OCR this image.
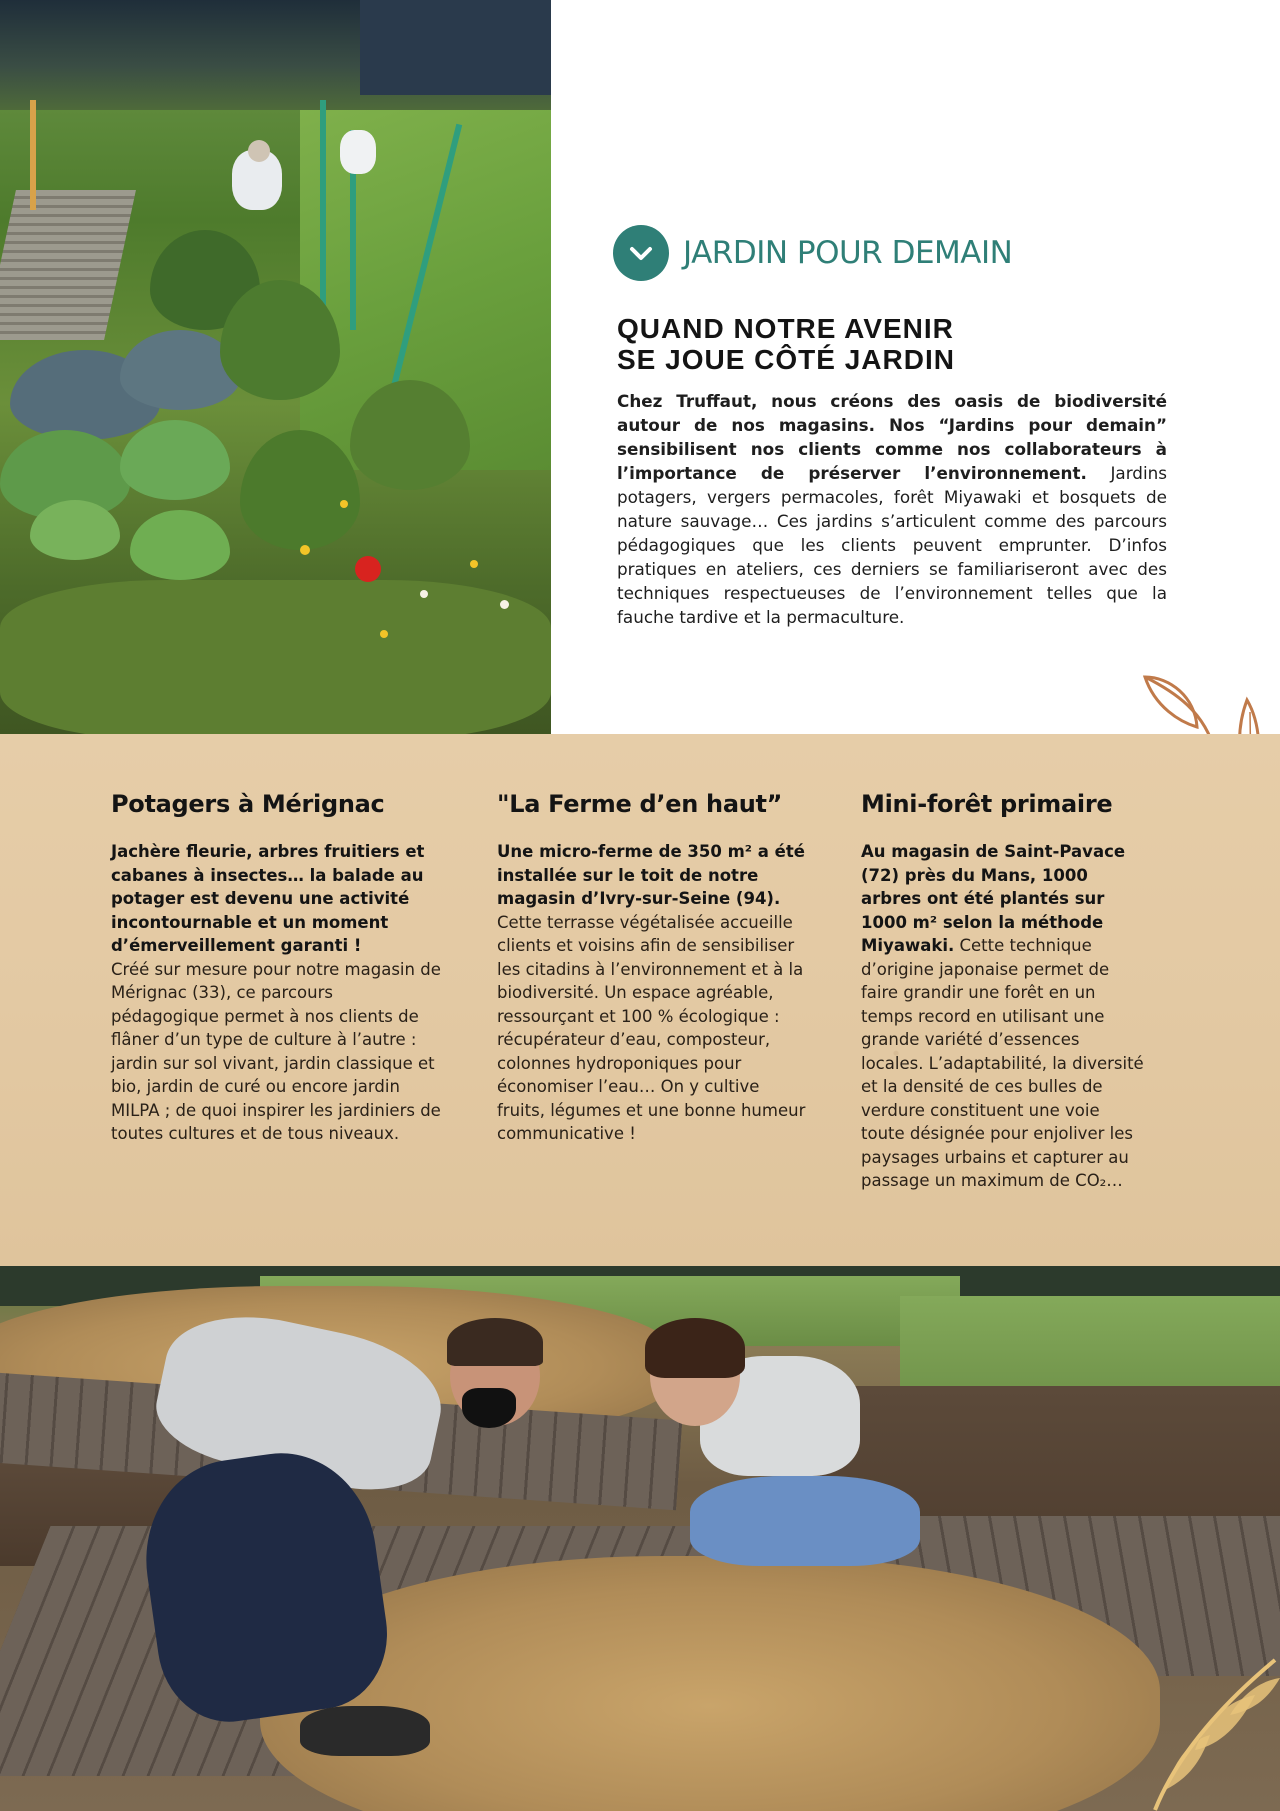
JARDIN POUR DEMAIN
QUAND NOTRE AVENIR
SE JOUE CÔTÉ JARDIN

Chez Truffaut, nous créons des oasis de biodiversité autour de nos magasins. Nos “Jardins pour demain” sensibilisent nos clients comme nos collaborateurs à l’importance de préserver l’environnement. Jardins potagers, vergers permacoles, forêt Miyawaki et bosquets de nature sauvage… Ces jardins s’articulent comme des parcours pédagogiques que les clients peuvent emprunter. D’infos pratiques en ateliers, ces derniers se familiariseront avec des techniques respectueuses de l’environnement telles que la fauche tardive et la permaculture.

Potagers à Mérignac

Jachère fleurie, arbres fruitiers et cabanes à insectes… la balade au potager est devenu une activité incontournable et un moment d’émerveillement garanti !
Créé sur mesure pour notre magasin de Mérignac (33), ce parcours pédagogique permet à nos clients de flâner d’un type de culture à l’autre : jardin sur sol vivant, jardin classique et bio, jardin de curé ou encore jardin MILPA ; de quoi inspirer les jardiniers de toutes cultures et de tous niveaux.

"La Ferme d’en haut”

Une micro-ferme de 350 m² a été installée sur le toit de notre magasin d’Ivry-sur-Seine (94).
Cette terrasse végétalisée accueille clients et voisins afin de sensibiliser les citadins à l’environnement et à la biodiversité. Un espace agréable, ressourçant et 100 % écologique : récupérateur d’eau, composteur, colonnes hydroponiques pour économiser l’eau… On y cultive fruits, légumes et une bonne humeur communicative !

Mini-forêt primaire

Au magasin de Saint-Pavace (72) près du Mans, 1000 arbres ont été plantés sur 1000 m² selon la méthode Miyawaki. Cette technique d’origine japonaise permet de faire grandir une forêt en un temps record en utilisant une grande variété d’essences locales. L’adaptabilité, la diversité et la densité de ces bulles de verdure constituent une voie toute désignée pour enjoliver les paysages urbains et capturer au passage un maximum de CO₂…
